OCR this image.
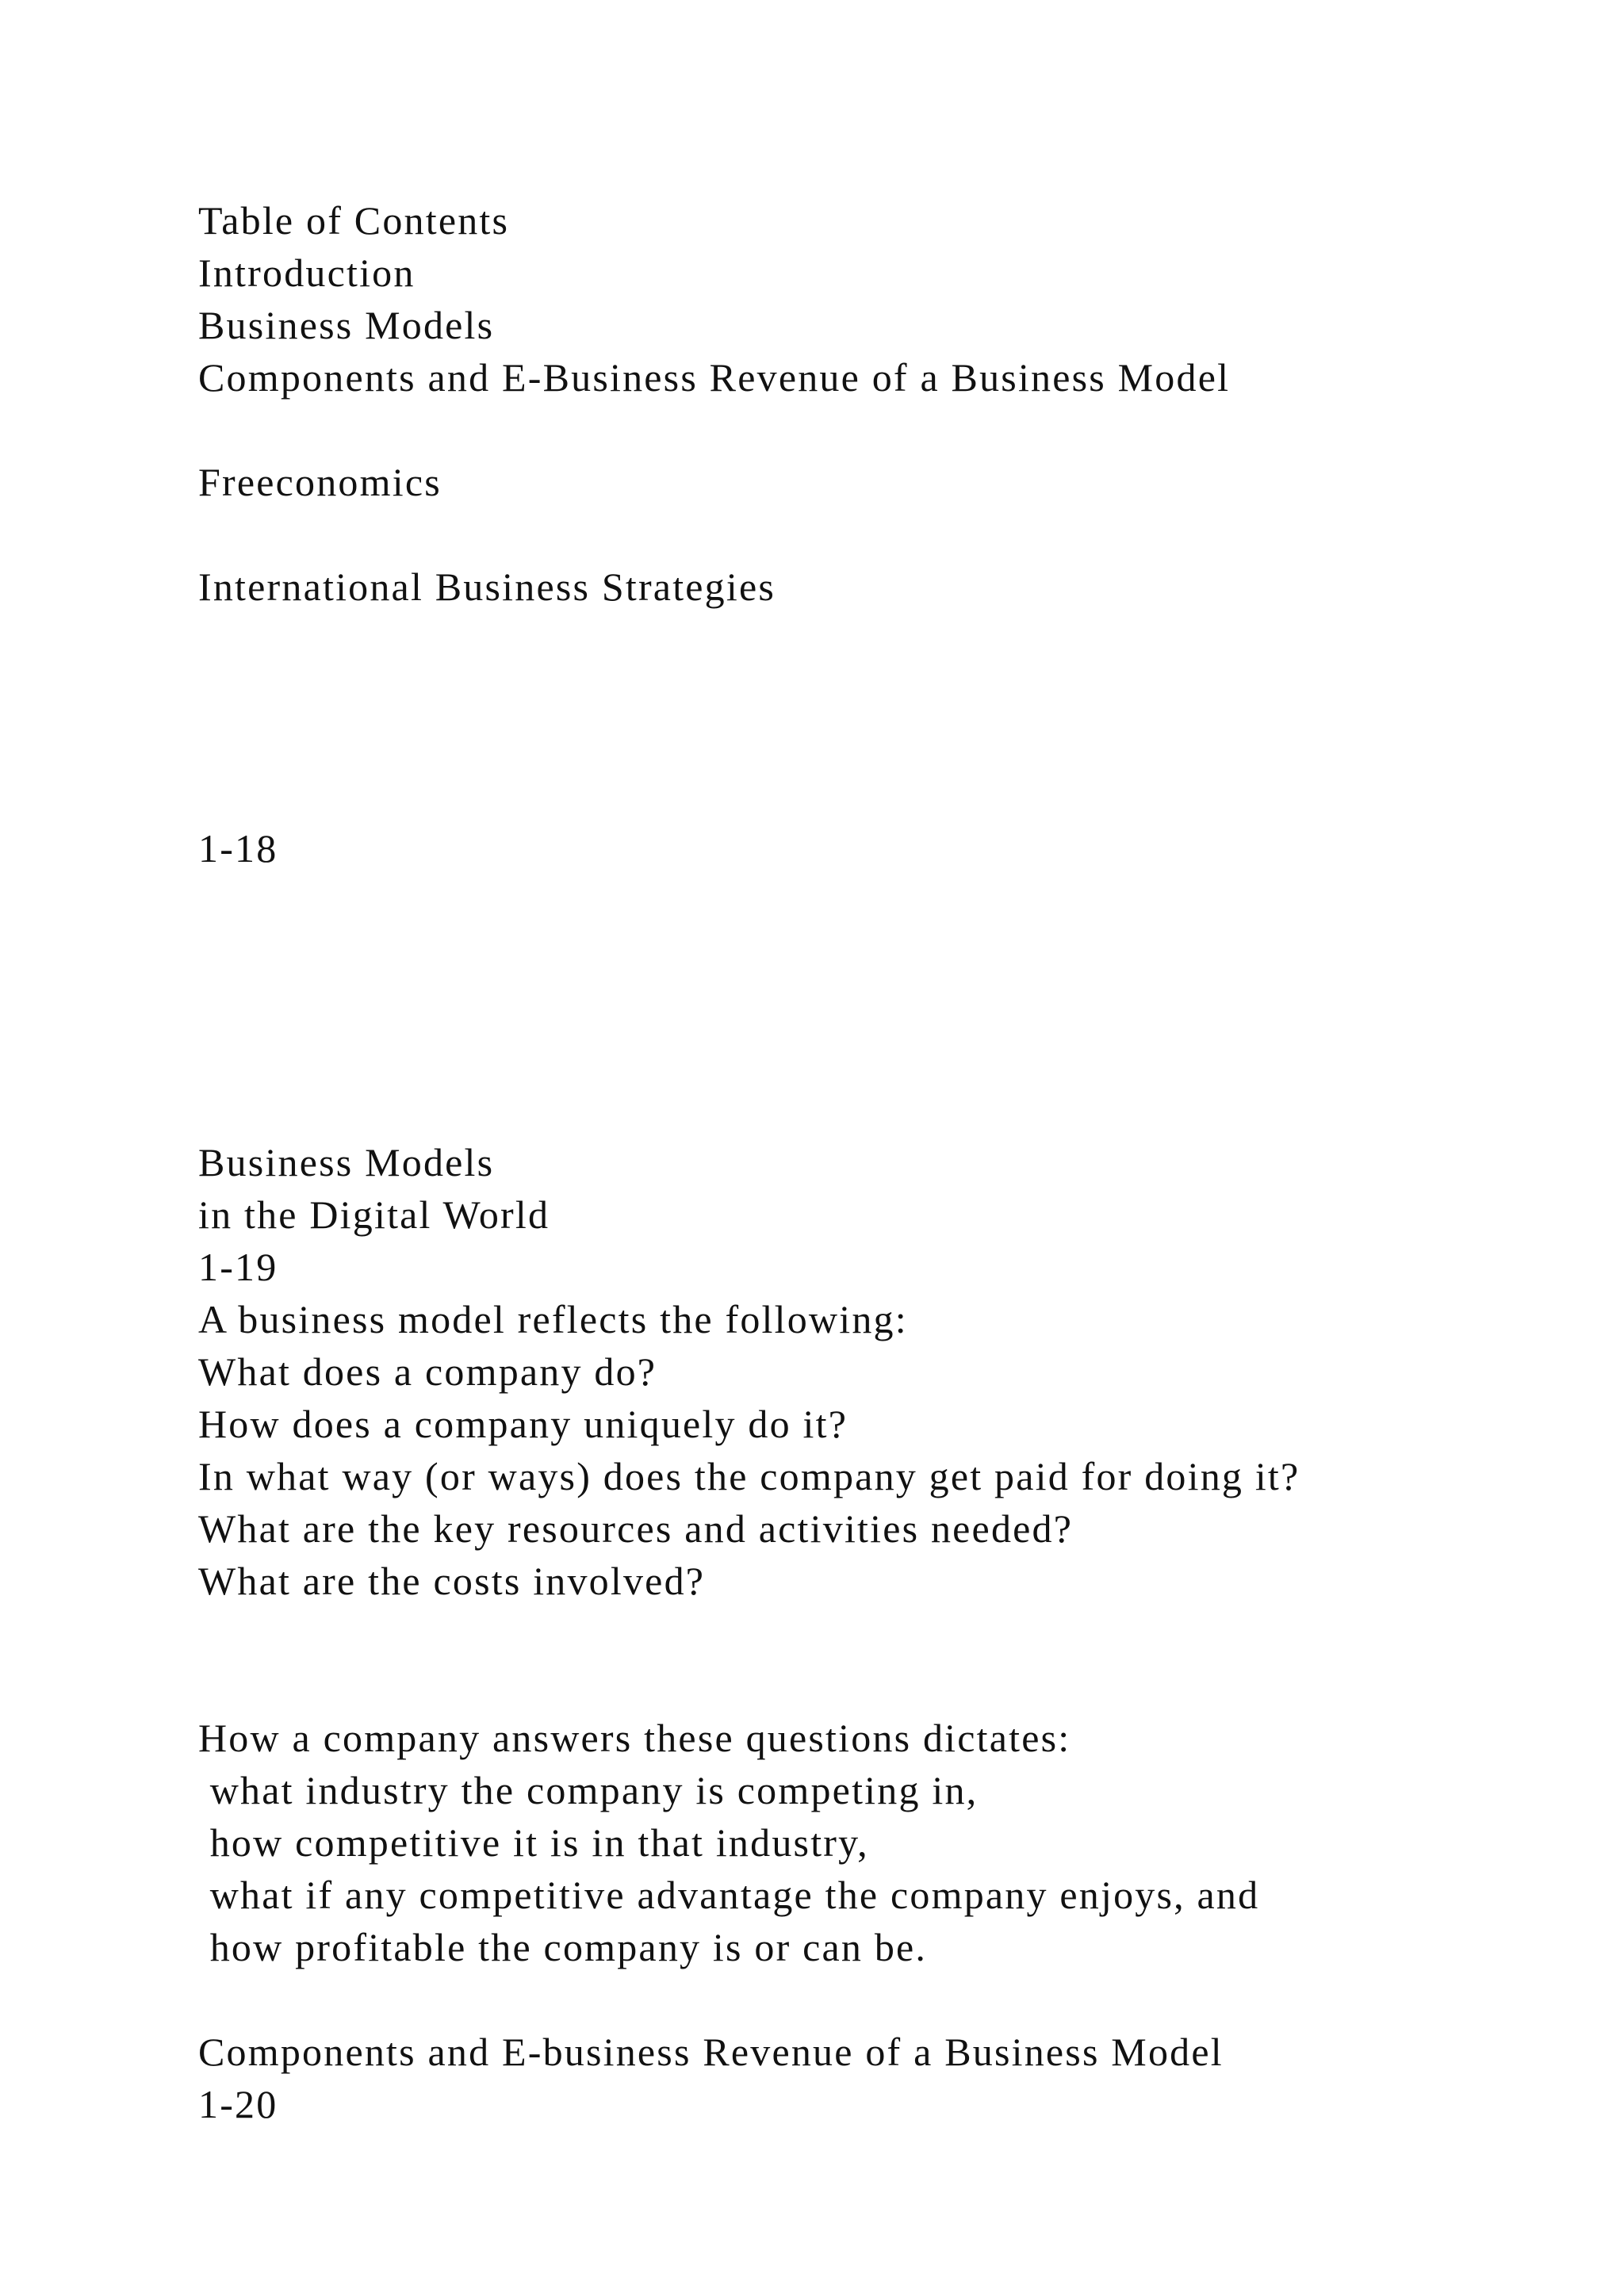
Table of Contents
Introduction
Business Models
Components and E-Business Revenue of a Business Model
Freeconomics
International Business Strategies
1-18
Business Models
in the Digital World
1-19
A business model reflects the following:
What does a company do?
How does a company uniquely do it?
In what way (or ways) does the company get paid for doing it?
What are the key resources and activities needed?
What are the costs involved?
How a company answers these questions dictates:
what industry the company is competing in,
how competitive it is in that industry,
what if any competitive advantage the company enjoys, and
how profitable the company is or can be.
Components and E-business Revenue of a Business Model
1-20
